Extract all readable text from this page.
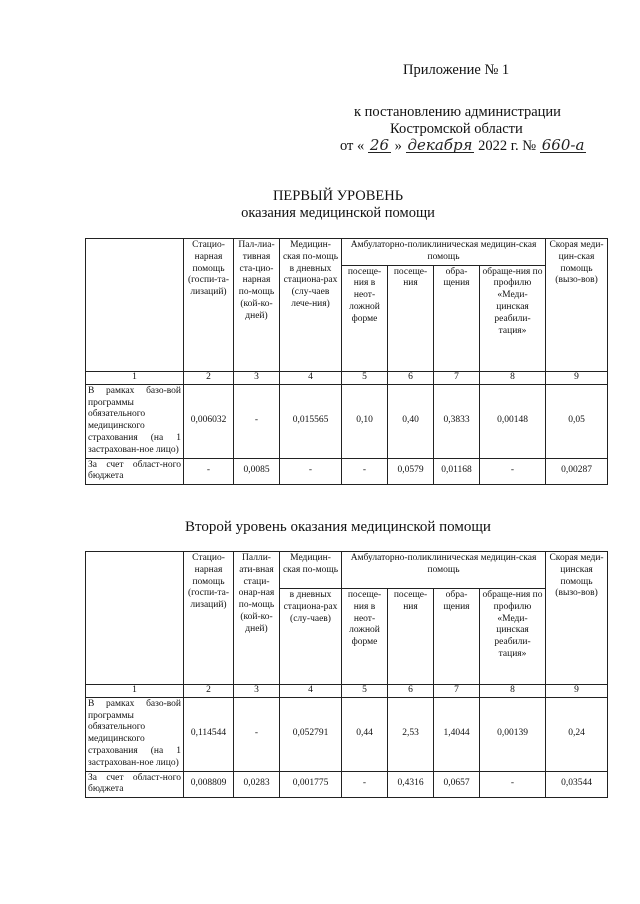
Приложение № 1
к постановлению администрации
Костромской области
от « 26 » декабря 2022 г. № 660-а
ПЕРВЫЙ УРОВЕНЬ
оказания медицинской помощи
	Стацио-нарная помощь (госпи-та-лизаций)	Пал-лиа-тивная ста-цио-нарная по-мощь (кой-ко-дней)	Медицин-ская по-мощь в дневных стациона-рах (слу-чаев лече-ния)	Амбулаторно-поликлиническая медицин-ская помощь				Скорая меди-цин-ская помощь (вызо-вов)
				посеще-ния в неот-ложной форме	посеще-ния	обра-щения	обраще-ния по профилю «Меди-цинская реабили-тация»	
1	2	3	4	5	6	7	8	9
В рамках базо-вой программы обязательного медицинского страхования (на 1 застрахован-ное лицо)	0,006032	-	0,015565	0,10	0,40	0,3833	0,00148	0,05
За счет област-ного бюджета	-	0,0085	-	-	0,0579	0,01168	-	0,00287
Второй уровень оказания медицинской помощи
	Стацио-нарная помощь (госпи-та-лизаций)	Палли-ати-вная стаци-онар-ная по-мощь (кой-ко-дней)	Медицин-ская по-мощь	Амбулаторно-поликлиническая медицин-ская помощь				Скорая меди-цинская помощь (вызо-вов)
			в дневных стациона-рах (слу-чаев)	посеще-ния в неот-ложной форме	посеще-ния	обра-щения	обраще-ния по профилю «Меди-цинская реабили-тация»	
1	2	3	4	5	6	7	8	9
В рамках базо-вой программы обязательного медицинского страхования (на 1 застрахован-ное лицо)	0,114544	-	0,052791	0,44	2,53	1,4044	0,00139	0,24
За счет област-ного бюджета	0,008809	0,0283	0,001775	-	0,4316	0,0657	-	0,03544
